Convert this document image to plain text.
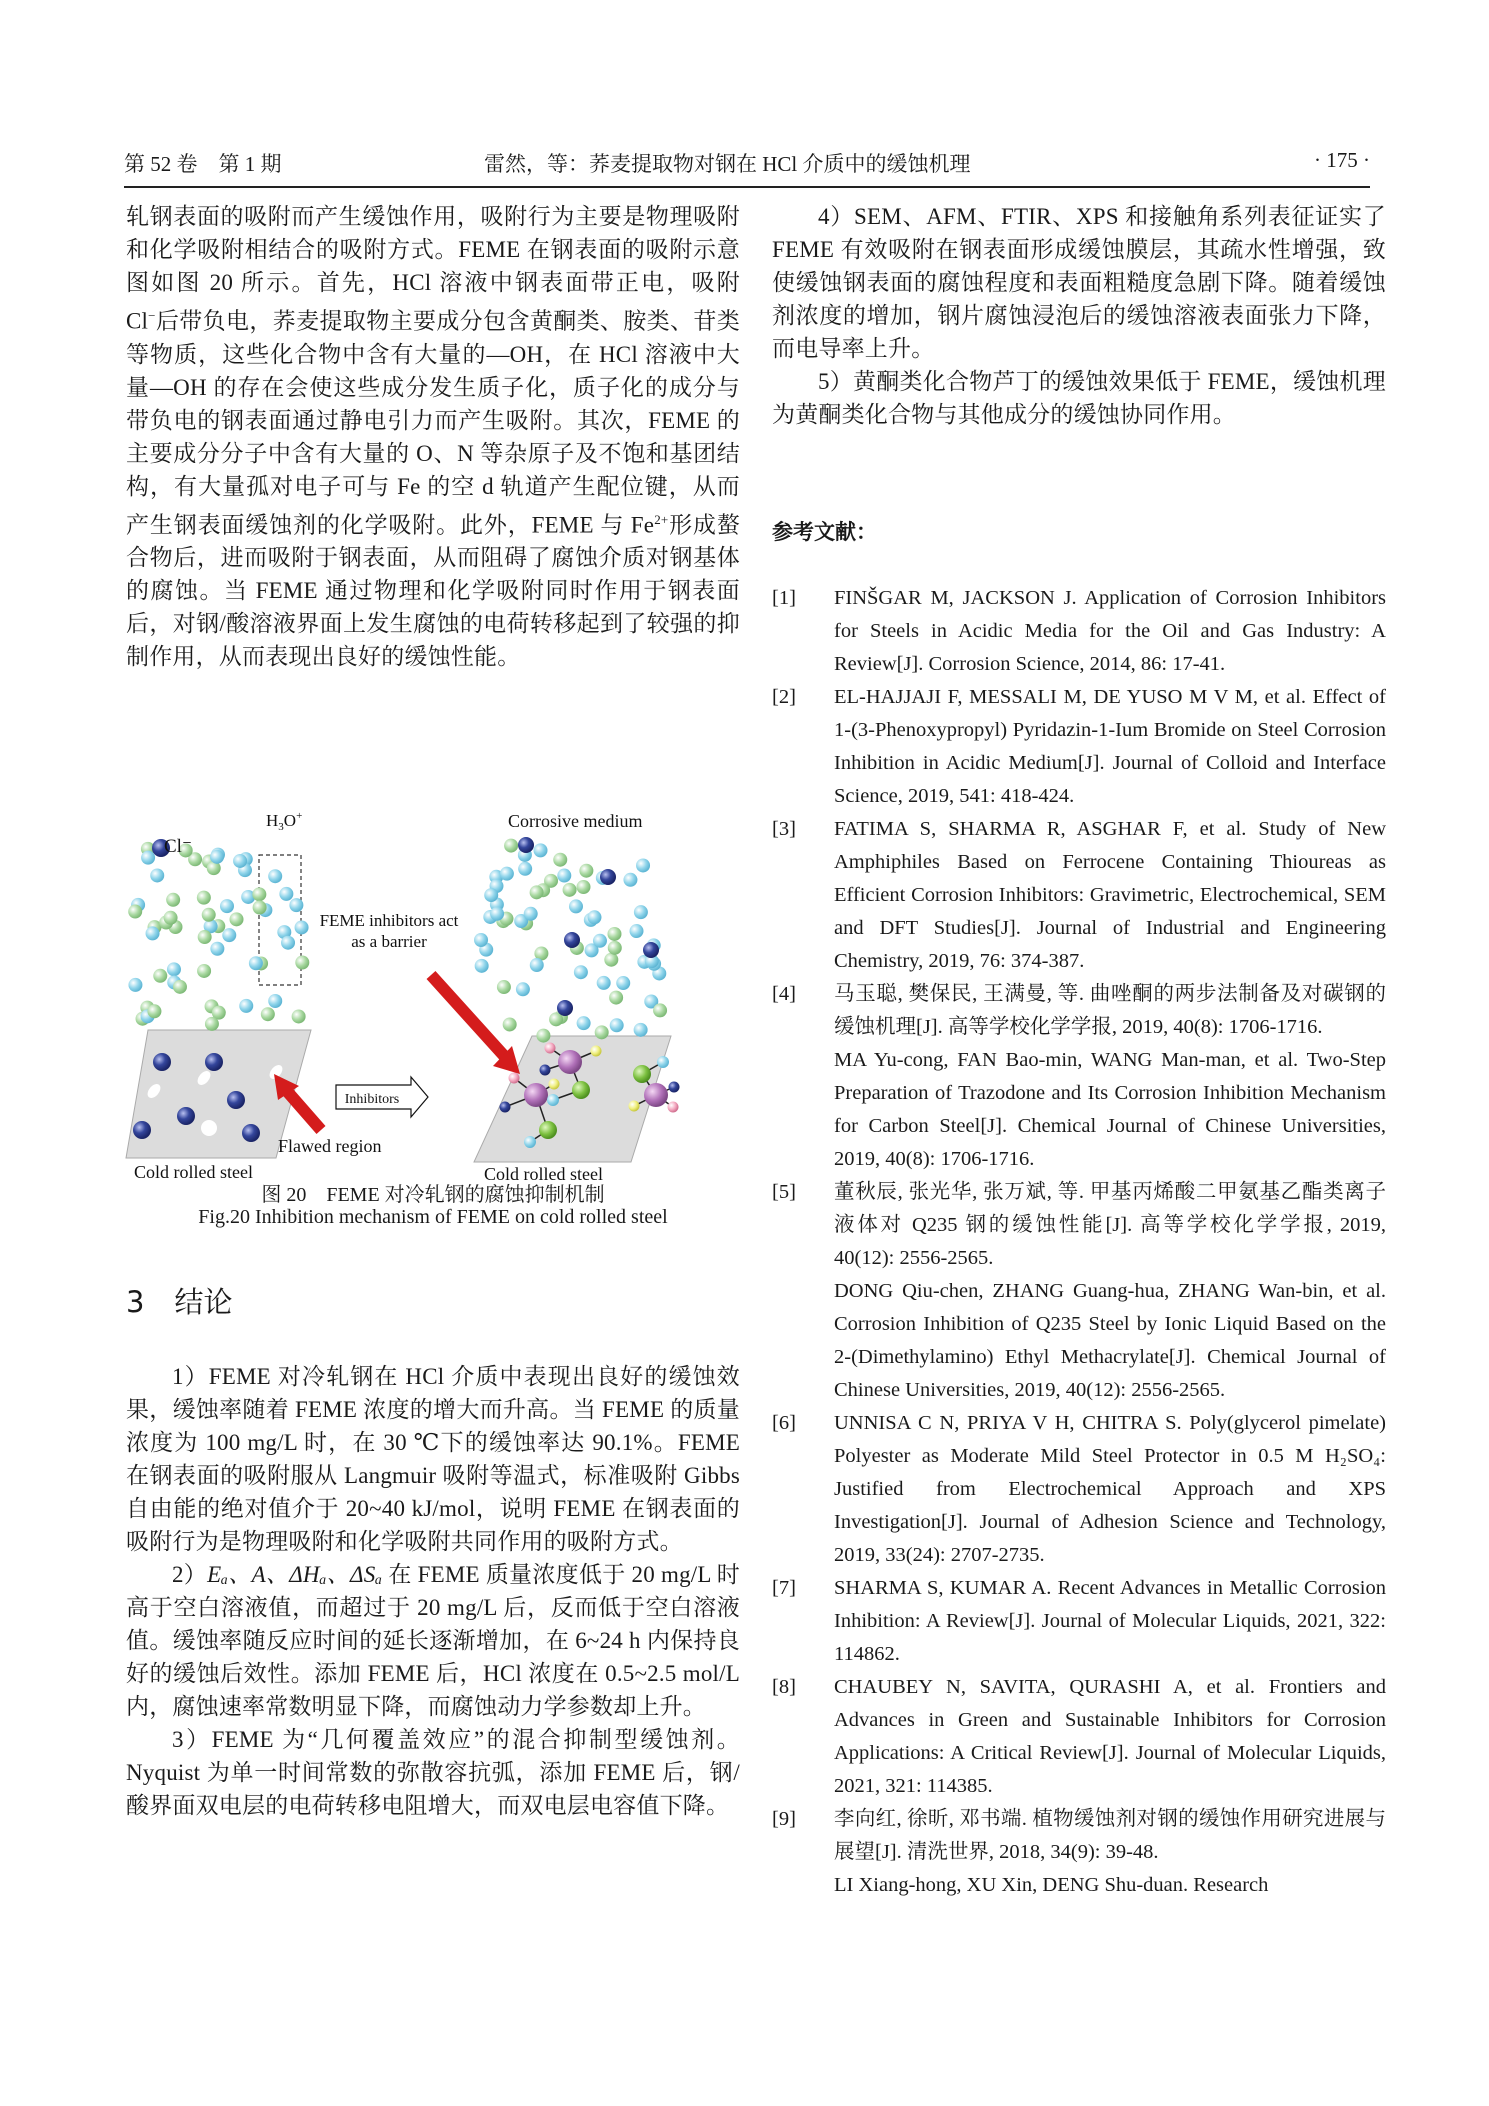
第 52 卷　第 1 期	雷然，等：荞麦提取物对钢在 HCl 介质中的缓蚀机理	· 175 ·

轧钢表面的吸附而产生缓蚀作用，吸附行为主要是物理吸附和化学吸附相结合的吸附方式。FEME 在钢表面的吸附示意图如图 20 所示。首先，HCl 溶液中钢表面带正电，吸附 Cl−后带负电，荞麦提取物主要成分包含黄酮类、胺类、苷类等物质，这些化合物中含有大量的—OH，在 HCl 溶液中大量—OH 的存在会使这些成分发生质子化，质子化的成分与带负电的钢表面通过静电引力而产生吸附。其次，FEME 的主要成分分子中含有大量的 O、N 等杂原子及不饱和基团结构，有大量孤对电子可与 Fe 的空 d 轨道产生配位键，从而产生钢表面缓蚀剂的化学吸附。此外，FEME 与 $Fe^{2+}$形成螯合物后，进而吸附于钢表面，从而阻碍了腐蚀介质对钢基体的腐蚀。当 FEME 通过物理和化学吸附同时作用于钢表面后，对钢/酸溶液界面上发生腐蚀的电荷转移起到了较强的抑制作用，从而表现出良好的缓蚀性能。

Inhibitors
Cl⁻
$H_3O^+$	Corrosive medium
FEME inhibitors act
as a barrier
Flawed region
Cold rolled steel	Cold rolled steel
图 20　FEME 对冷轧钢的腐蚀抑制机制
Fig.20 Inhibition mechanism of FEME on cold rolled steel
3 结论

1）FEME 对冷轧钢在 HCl 介质中表现出良好的缓蚀效果，缓蚀率随着 FEME 浓度的增大而升高。当 FEME 的质量浓度为 100 mg/L 时，在 30 ℃下的缓蚀率达 90.1%。FEME 在钢表面的吸附服从 Langmuir 吸附等温式，标准吸附 Gibbs 自由能的绝对值介于 20~40 kJ/mol，说明 FEME 在钢表面的吸附行为是物理吸附和化学吸附共同作用的吸附方式。

2）Eₐ、A、ΔHₐ、ΔSₐ 在 FEME 质量浓度低于 20 mg/L 时高于空白溶液值，而超过于 20 mg/L 后，反而低于空白溶液值。缓蚀率随反应时间的延长逐渐增加，在 6~24 h 内保持良好的缓蚀后效性。添加 FEME 后，HCl 浓度在 0.5~2.5 mol/L 内，腐蚀速率常数明显下降，而腐蚀动力学参数却上升。

3）FEME 为“几何覆盖效应”的混合抑制型缓蚀剂。Nyquist 为单一时间常数的弥散容抗弧，添加 FEME 后，钢/酸界面双电层的电荷转移电阻增大，而双电层电容值下降。

4）SEM、AFM、FTIR、XPS 和接触角系列表征证实了 FEME 有效吸附在钢表面形成缓蚀膜层，其疏水性增强，致使缓蚀钢表面的腐蚀程度和表面粗糙度急剧下降。随着缓蚀剂浓度的增加，钢片腐蚀浸泡后的缓蚀溶液表面张力下降，而电导率上升。

5）黄酮类化合物芦丁的缓蚀效果低于 FEME，缓蚀机理为黄酮类化合物与其他成分的缓蚀协同作用。

参考文献：

[1] FINŠGAR M, JACKSON J. Application of Corrosion Inhibitors for Steels in Acidic Media for the Oil and Gas Industry: A Review[J]. Corrosion Science, 2014, 86: 17-41.

[2] EL-HAJJAJI F, MESSALI M, DE YUSO M V M, et al. Effect of 1-(3-Phenoxypropyl) Pyridazin-1-Ium Bromide on Steel Corrosion Inhibition in Acidic Medium[J]. Journal of Colloid and Interface Science, 2019, 541: 418-424.

[3] FATIMA S, SHARMA R, ASGHAR F, et al. Study of New Amphiphiles Based on Ferrocene Containing Thioureas as Efficient Corrosion Inhibitors: Gravimetric, Electrochemical, SEM and DFT Studies[J]. Journal of Industrial and Engineering Chemistry, 2019, 76: 374-387.

[4] 马玉聪, 樊保民, 王满曼, 等. 曲唑酮的两步法制备及对碳钢的缓蚀机理[J]. 高等学校化学学报, 2019, 40(8): 1706-1716.
MA Yu-cong, FAN Bao-min, WANG Man-man, et al. Two-Step Preparation of Trazodone and Its Corrosion Inhibition Mechanism for Carbon Steel[J]. Chemical Journal of Chinese Universities, 2019, 40(8): 1706-1716.

[5] 董秋辰, 张光华, 张万斌, 等. 甲基丙烯酸二甲氨基乙酯类离子液体对 Q235 钢的缓蚀性能[J]. 高等学校化学学报, 2019, 40(12): 2556-2565.
DONG Qiu-chen, ZHANG Guang-hua, ZHANG Wan-bin, et al. Corrosion Inhibition of Q235 Steel by Ionic Liquid Based on the 2-(Dimethylamino) Ethyl Methacrylate[J]. Chemical Journal of Chinese Universities, 2019, 40(12): 2556-2565.

[6] UNNISA C N, PRIYA V H, CHITRA S. Poly(glycerol pimelate) Polyester as Moderate Mild Steel Protector in 0.5 M H₂SO₄: Justified from Electrochemical Approach and XPS Investigation[J]. Journal of Adhesion Science and Technology, 2019, 33(24): 2707-2735.

[7] SHARMA S, KUMAR A. Recent Advances in Metallic Corrosion Inhibition: A Review[J]. Journal of Molecular Liquids, 2021, 322: 114862.

[8] CHAUBEY N, SAVITA, QURASHI A, et al. Frontiers and Advances in Green and Sustainable Inhibitors for Corrosion Applications: A Critical Review[J]. Journal of Molecular Liquids, 2021, 321: 114385.

[9] 李向红, 徐昕, 邓书端. 植物缓蚀剂对钢的缓蚀作用研究进展与展望[J]. 清洗世界, 2018, 34(9): 39-48.
LI Xiang-hong, XU Xin, DENG Shu-duan. Research
